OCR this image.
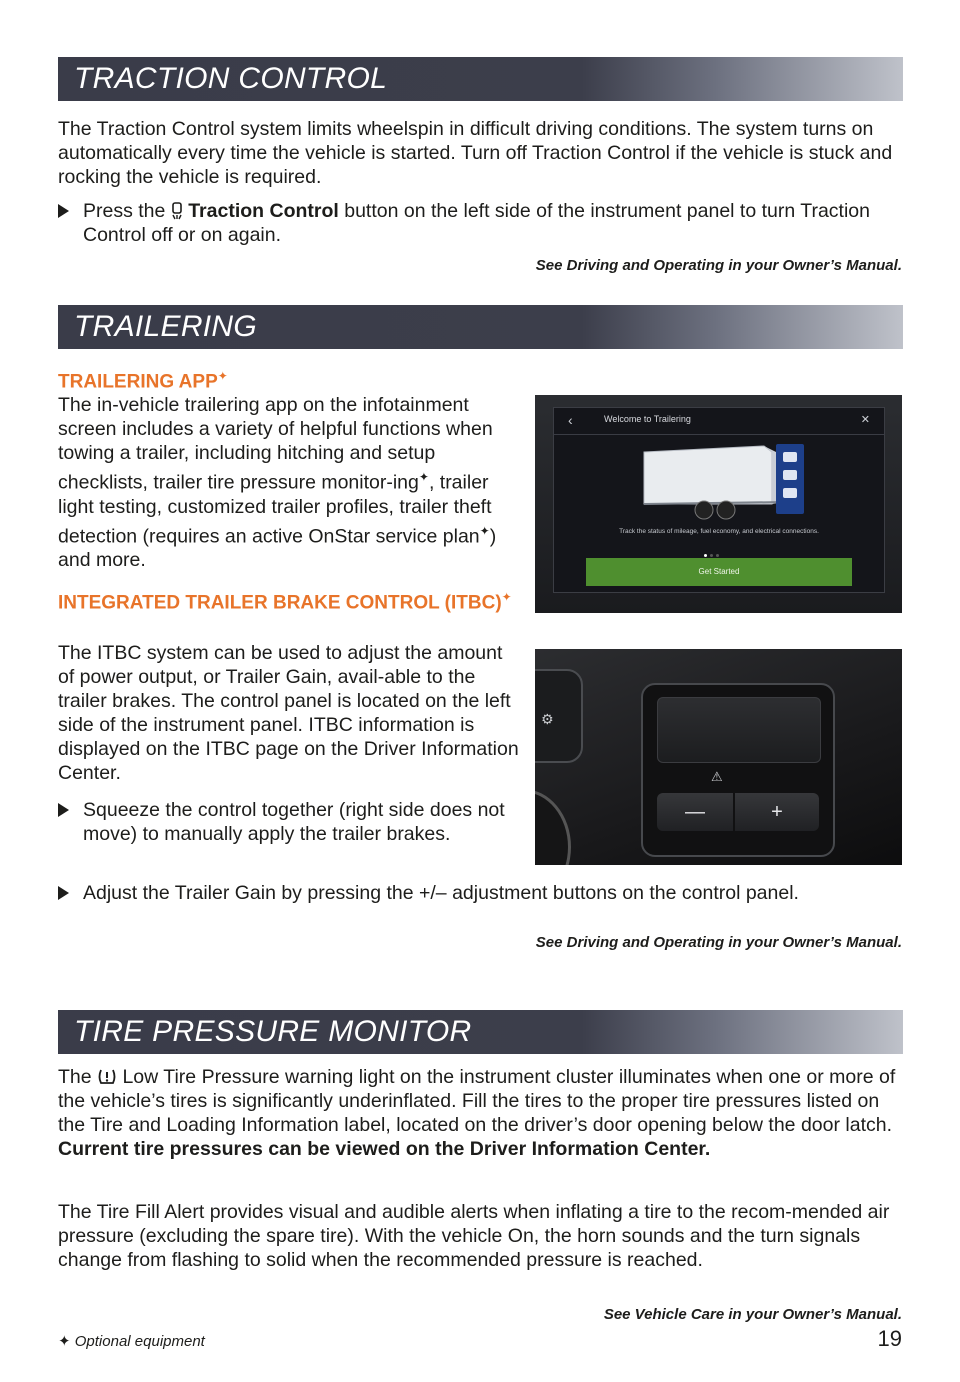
TRACTION CONTROL
The Traction Control system limits wheelspin in difficult driving conditions. The system turns on automatically every time the vehicle is started. Turn off Traction Control if the vehicle is stuck and rocking the vehicle is required.
Press the Traction Control button on the left side of the instrument panel to turn Traction Control off or on again.
See Driving and Operating in your Owner’s Manual.
TRAILERING
TRAILERING APP✦
The in-vehicle trailering app on the infotainment screen includes a variety of helpful functions when towing a trailer, including hitching and setup checklists, trailer tire pressure monitor-ing✦, trailer light testing, customized trailer profiles, trailer theft detection (requires an active OnStar service plan✦) and more.
‹	Welcome to Trailering	✕
Track the status of mileage, fuel economy, and electrical connections.
Get Started
INTEGRATED TRAILER BRAKE CONTROL (ITBC)✦
The ITBC system can be used to adjust the amount of power output, or Trailer Gain, avail-able to the trailer brakes. The control panel is located on the left side of the instrument panel. ITBC information is displayed on the ITBC page on the Driver Information Center.
⚙
⚠
—	+
Squeeze the control together (right side does not move) to manually apply the trailer brakes.
Adjust the Trailer Gain by pressing the +/– adjustment buttons on the control panel.
See Driving and Operating in your Owner’s Manual.
TIRE PRESSURE MONITOR
The Low Tire Pressure warning light on the instrument cluster illuminates when one or more of the vehicle’s tires is significantly underinflated. Fill the tires to the proper tire pressures listed on the Tire and Loading Information label, located on the driver’s door opening below the door latch. Current tire pressures can be viewed on the Driver Information Center.
The Tire Fill Alert provides visual and audible alerts when inflating a tire to the recom-mended air pressure (excluding the spare tire). With the vehicle On, the horn sounds and the turn signals change from flashing to solid when the recommended pressure is reached.
See Vehicle Care in your Owner’s Manual.
✦ Optional equipment	19
